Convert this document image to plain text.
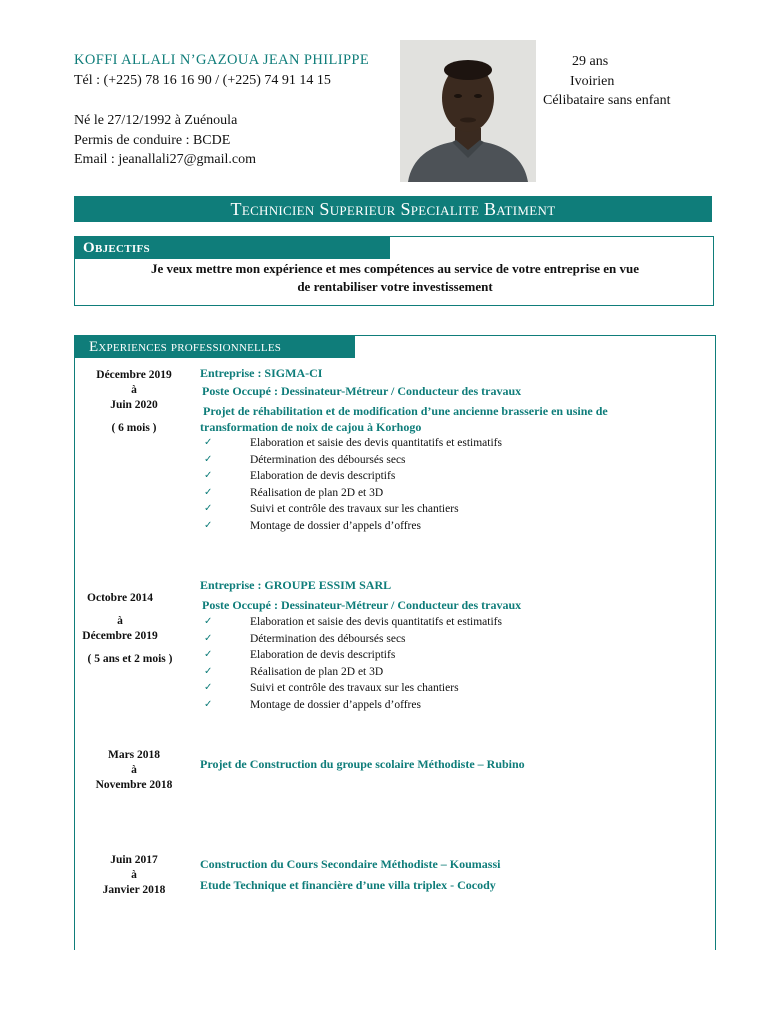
KOFFI ALLALI N’GAZOUA JEAN PHILIPPE
Tél : (+225) 78 16 16 90 / (+225) 74 91 14 15
Né le 27/12/1992 à Zuénoula
Permis de conduire : BCDE
Email : jeanallali27@gmail.com
29 ans
Ivoirien
Célibataire sans enfant
Technicien Superieur Specialite Batiment
Objectifs
Je veux mettre mon expérience et mes compétences au service de votre entreprise en vue
de rentabiliser votre investissement
Experiences professionnelles
Décembre 2019
à
Juin 2020
( 6 mois )
Entreprise : SIGMA-CI
Poste Occupé : Dessinateur-Métreur / Conducteur des travaux
Projet de réhabilitation et de modification d’une ancienne brasserie en usine de
transformation de noix de cajou à Korhogo
✓	Elaboration et saisie des devis quantitatifs et estimatifs
✓	Détermination des déboursés secs
✓	Elaboration de devis descriptifs
✓	Réalisation de plan 2D et 3D
✓	Suivi et contrôle des travaux sur les chantiers
✓	Montage de dossier d’appels d’offres
Octobre 2014
à
Décembre 2019
( 5 ans et 2 mois )
Entreprise : GROUPE ESSIM SARL
Poste Occupé : Dessinateur-Métreur / Conducteur des travaux
✓	Elaboration et saisie des devis quantitatifs et estimatifs
✓	Détermination des déboursés secs
✓	Elaboration de devis descriptifs
✓	Réalisation de plan 2D et 3D
✓	Suivi et contrôle des travaux sur les chantiers
✓	Montage de dossier d’appels d’offres
Mars 2018
à
Novembre 2018
Projet de Construction du groupe scolaire Méthodiste – Rubino
Juin 2017
à
Janvier 2018
Construction du Cours Secondaire Méthodiste – Koumassi
Etude Technique et financière d’une villa triplex - Cocody
